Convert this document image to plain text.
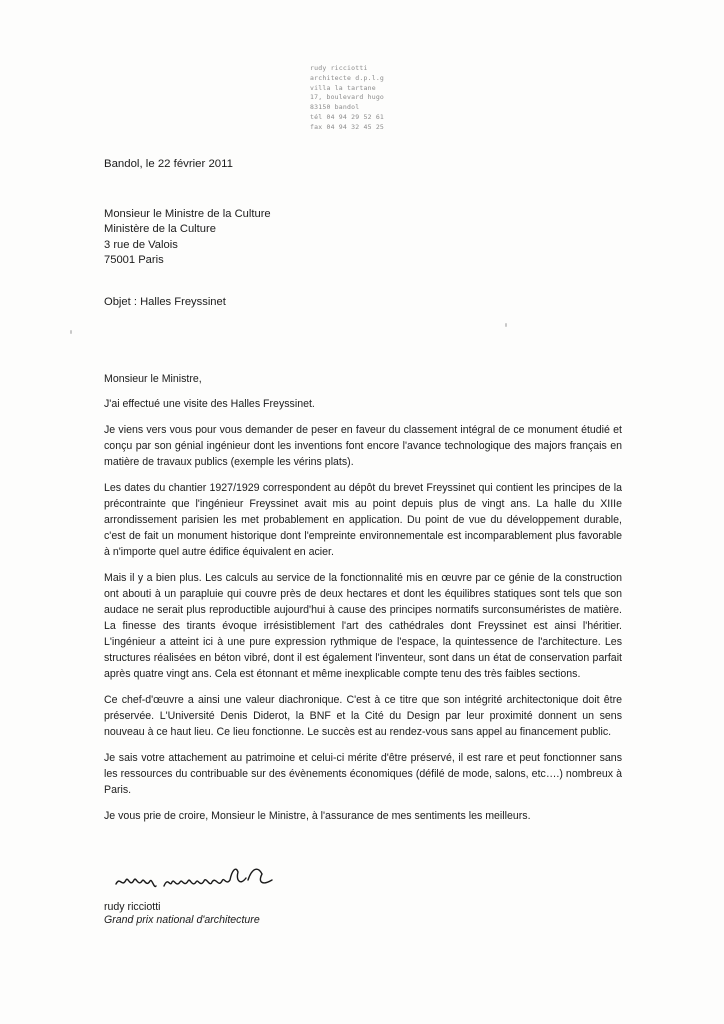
rudy ricciotti
architecte d.p.l.g
villa la tartane
17, boulevard hugo
83150 bandol
tél 04 94 29 52 61
fax 04 94 32 45 25
Bandol, le 22 février 2011
Monsieur le Ministre de la Culture
Ministère de la Culture
3 rue de Valois
75001 Paris
Objet : Halles Freyssinet

Monsieur le Ministre,

J'ai effectué une visite des Halles Freyssinet.

Je viens vers vous pour vous demander de peser en faveur du classement intégral de ce monument étudié et conçu par son génial ingénieur dont les inventions font encore l'avance technologique des majors français en matière de travaux publics (exemple les vérins plats).

Les dates du chantier 1927/1929 correspondent au dépôt du brevet Freyssinet qui contient les principes de la précontrainte que l'ingénieur Freyssinet avait mis au point depuis plus de vingt ans. La halle du XIIIe arrondissement parisien les met probablement en application. Du point de vue du développement durable, c'est de fait un monument historique dont l'empreinte environnementale est incomparablement plus favorable à n'importe quel autre édifice équivalent en acier.

Mais il y a bien plus. Les calculs au service de la fonctionnalité mis en œuvre par ce génie de la construction ont abouti à un parapluie qui couvre près de deux hectares et dont les équilibres statiques sont tels que son audace ne serait plus reproductible aujourd'hui à cause des principes normatifs surconsuméristes de matière. La finesse des tirants évoque irrésistiblement l'art des cathédrales dont Freyssinet est ainsi l'héritier. L'ingénieur a atteint ici à une pure expression rythmique de l'espace, la quintessence de l'architecture. Les structures réalisées en béton vibré, dont il est également l'inventeur, sont dans un état de conservation parfait après quatre vingt ans. Cela est étonnant et même inexplicable compte tenu des très faibles sections.

Ce chef-d'œuvre a ainsi une valeur diachronique. C'est à ce titre que son intégrité architectonique doit être préservée. L'Université Denis Diderot, la BNF et la Cité du Design par leur proximité donnent un sens nouveau à ce haut lieu. Ce lieu fonctionne. Le succès est au rendez-vous sans appel au financement public.

Je sais votre attachement au patrimoine et celui-ci mérite d'être préservé, il est rare et peut fonctionner sans les ressources du contribuable sur des évènements économiques (défilé de mode, salons, etc….) nombreux à Paris.

Je vous prie de croire, Monsieur le Ministre, à l'assurance de mes sentiments les meilleurs.

rudy ricciotti
Grand prix national d'architecture
